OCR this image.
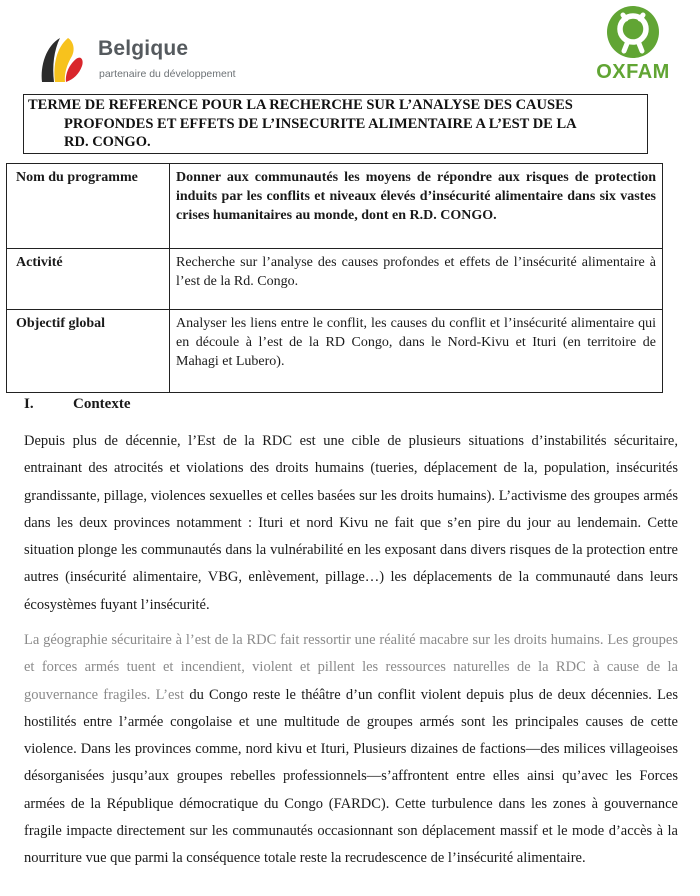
Belgique
partenaire du développement	OXFAM
TERME DE REFERENCE POUR LA RECHERCHE SUR L’ANALYSE DES CAUSES
PROFONDES ET EFFETS DE L’INSECURITE ALIMENTAIRE A L’EST DE LA
RD. CONGO.
Nom du programme	Donner aux communautés les moyens de répondre aux risques de protection induits par les conflits et niveaux élevés d’insécurité alimentaire dans six vastes crises humanitaires au monde, dont en R.D. CONGO.
Activité	Recherche sur l’analyse des causes profondes et effets de l’insécurité alimentaire à l’est de la Rd. Congo.
Objectif global	Analyser les liens entre le conflit, les causes du conflit et l’insécurité alimentaire qui en découle à l’est de la RD Congo, dans le Nord-Kivu et Ituri (en territoire de Mahagi et Lubero).
I.	Contexte

Depuis plus de décennie, l’Est de la RDC est une cible de plusieurs situations d’instabilités sécuritaire, entrainant des atrocités et violations des droits humains (tueries, déplacement de la, population, insécurités grandissante, pillage, violences sexuelles et celles basées sur les droits humains). L’activisme des groupes armés dans les deux provinces notamment : Ituri et nord Kivu ne fait que s’en pire du jour au lendemain. Cette situation plonge les communautés dans la vulnérabilité en les exposant dans divers risques de la protection entre autres (insécurité alimentaire, VBG, enlèvement, pillage…) les déplacements de la communauté dans leurs écosystèmes fuyant l’insécurité.

La géographie sécuritaire à l’est de la RDC fait ressortir une réalité macabre sur les droits humains. Les groupes et forces armés tuent et incendient, violent et pillent les ressources naturelles de la RDC à cause de la gouvernance fragiles. L’est du Congo reste le théâtre d’un conflit violent depuis plus de deux décennies. Les hostilités entre l’armée congolaise et une multitude de groupes armés sont les principales causes de cette violence. Dans les provinces comme, nord kivu et Ituri, Plusieurs dizaines de factions—des milices villageoises désorganisées jusqu’aux groupes rebelles professionnels—s’affrontent entre elles ainsi qu’avec les Forces armées de la République démocratique du Congo (FARDC). Cette turbulence dans les zones à gouvernance fragile impacte directement sur les communautés occasionnant son déplacement massif et le mode d’accès à la nourriture vue que parmi la conséquence totale reste la recrudescence de l’insécurité alimentaire.
